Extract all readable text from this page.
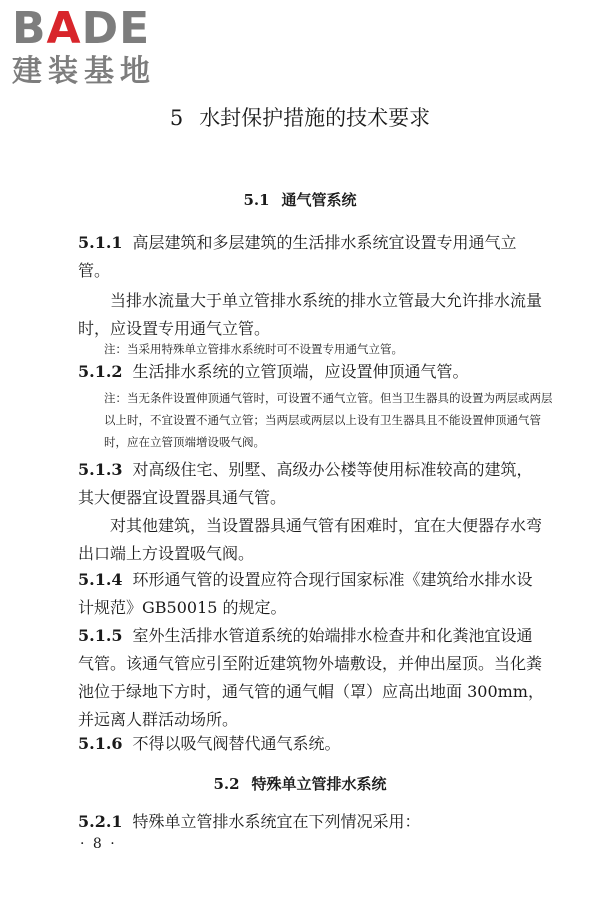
BADE
建装基地
5 水封保护措施的技术要求
5.1 通气管系统

5.1.1 高层建筑和多层建筑的生活排水系统宜设置专用通气立管。

当排水流量大于单立管排水系统的排水立管最大允许排水流量时，应设置专用通气立管。

注：当采用特殊单立管排水系统时可不设置专用通气立管。

5.1.2 生活排水系统的立管顶端，应设置伸顶通气管。

注：当无条件设置伸顶通气管时，可设置不通气立管。但当卫生器具的设置为两层或两层以上时，不宜设置不通气立管；当两层或两层以上设有卫生器具且不能设置伸顶通气管时，应在立管顶端增设吸气阀。

5.1.3 对高级住宅、别墅、高级办公楼等使用标准较高的建筑，其大便器宜设置器具通气管。

对其他建筑，当设置器具通气管有困难时，宜在大便器存水弯出口端上方设置吸气阀。

5.1.4 环形通气管的设置应符合现行国家标准《建筑给水排水设计规范》GB50015 的规定。

5.1.5 室外生活排水管道系统的始端排水检查井和化粪池宜设通气管。该通气管应引至附近建筑物外墙敷设，并伸出屋顶。当化粪池位于绿地下方时，通气管的通气帽（罩）应高出地面 300mm，并远离人群活动场所。

5.1.6 不得以吸气阀替代通气系统。

5.2 特殊单立管排水系统

5.2.1 特殊单立管排水系统宜在下列情况采用：

· 8 ·
